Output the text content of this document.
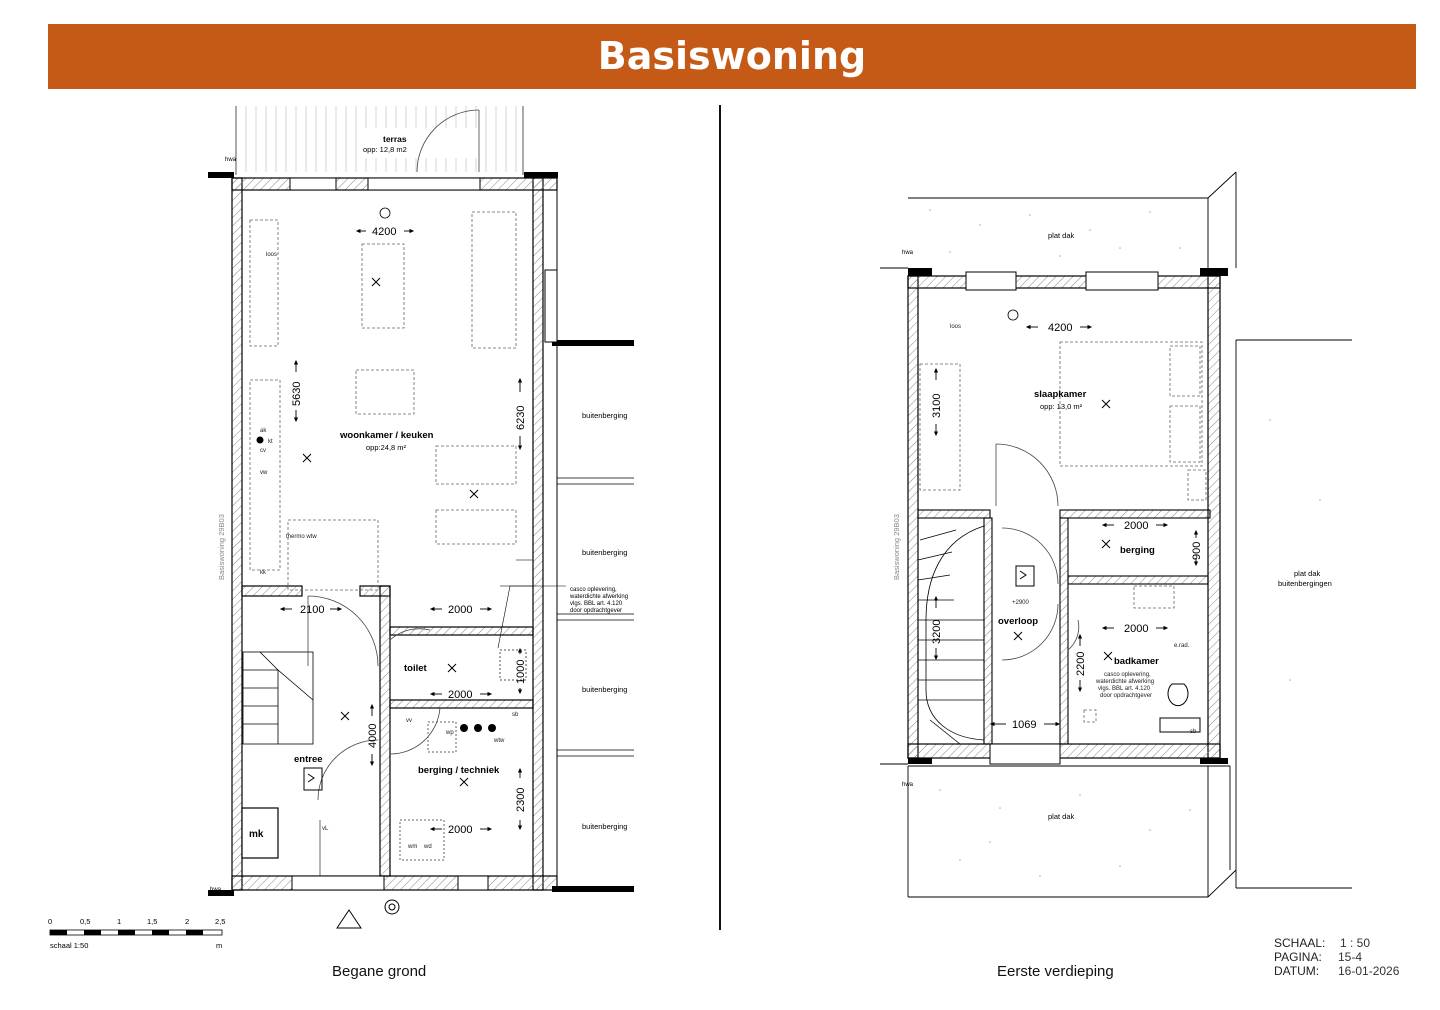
Basiswoning
terras
opp: 12,8 m2
hwa
4200
5630
6230
2100	2000
1000
2000
4000
2300
2000
woonkamer / keuken
opp:24,8 m²
toilet
entree
berging / techniek
mk
loos
ak
kt
cv
vw
kk
thermo wtw
wp
wtw
vv
sb
wm wd
vL
Basiswoning 29B03
buitenberging
buitenberging
buitenberging
buitenberging
casco oplevering,
waterdichte afwerking
vlgs. BBL art. 4.120
door opdrachtgever
0	0,5	1	1,5	2	2,5
schaal 1:50	m
plat dak
plat dak
plat dak
buitenbergingen
hwa
hwa
4200
3100
2000
900
2000
3200
2200
1069
slaapkamer
opp: 13,0 m²
berging
overloop
badkamer
loos
+2900
e.rad.
sb
casco oplevering,
waterdichte afwerking
vlgs. BBL art. 4.120
door opdrachtgever
Basiswoning 29B03
Begane grond	Eerste verdieping
SCHAAL:	1 : 50
PAGINA:	15-4
DATUM:	16-01-2026
